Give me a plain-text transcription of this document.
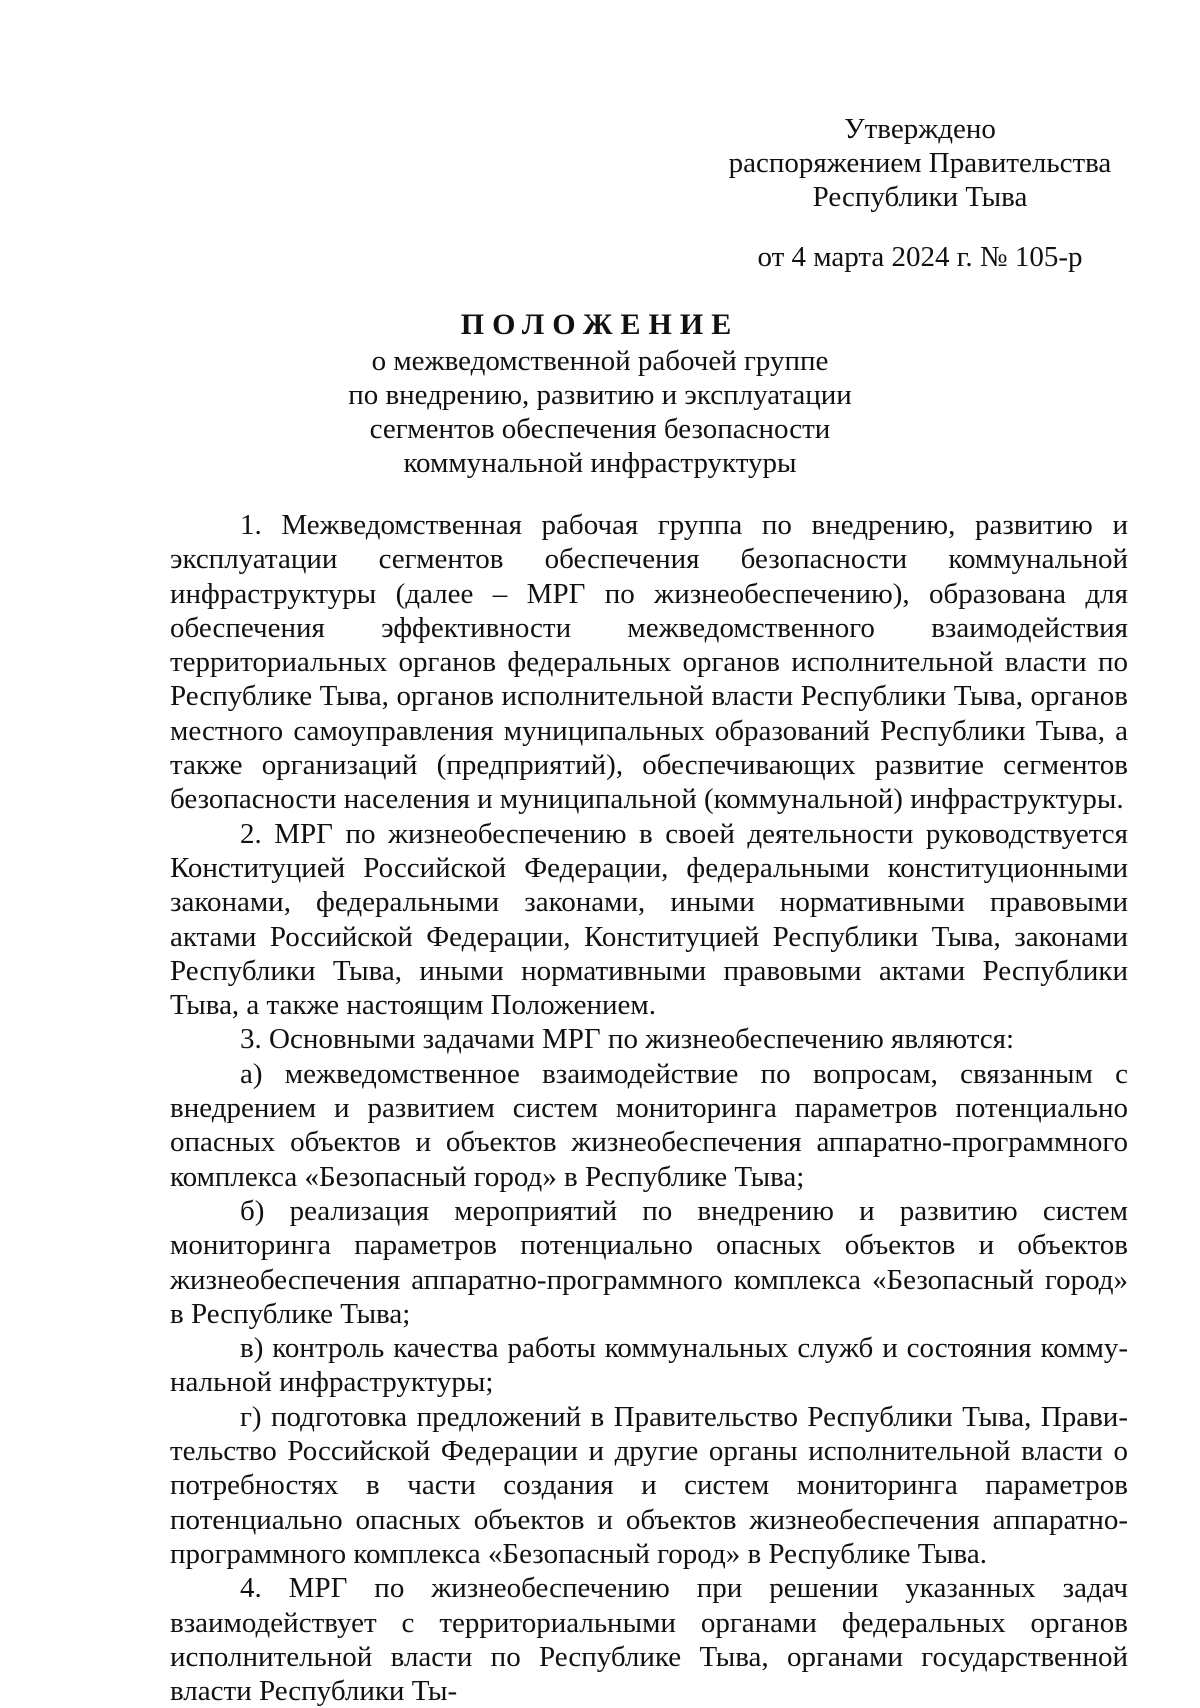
Утверждено
распоряжением Правительства
Республики Тыва
от 4 марта 2024 г. № 105-р
ПОЛОЖЕНИЕ
о межведомственной рабочей группе
по внедрению, развитию и эксплуатации
сегментов обеспечения безопасности
коммунальной инфраструктуры

1. Межведомственная рабочая группа по внедрению, развитию и эксплуатации сегментов обеспечения безопасности коммунальной инфраструктуры (далее – МРГ по жизнеобеспечению), образована для обеспечения эффективности межведомственного взаимодействия территориальных органов федеральных органов исполнительной власти по Республике Тыва, органов исполнительной власти Республики Тыва, органов местного самоуправления муниципальных образований Республики Тыва, а также организаций (предприятий), обеспечивающих развитие сегментов безопасности населения и муниципальной (коммунальной) инфраструктуры.

2. МРГ по жизнеобеспечению в своей деятельности руководствуется Конституцией Российской Федерации, федеральными конституционными законами, федеральными законами, иными нормативными правовыми актами Российской Федерации, Конституцией Республики Тыва, законами Республики Тыва, иными нормативными правовыми актами Республики Тыва, а также настоящим Положением.

3. Основными задачами МРГ по жизнеобеспечению являются:

а) межведомственное взаимодействие по вопросам, связанным с внедрением и развитием систем мониторинга параметров потенциально опасных объектов и объектов жизнеобеспечения аппаратно-программного комплекса «Безопасный город» в Республике Тыва;

б) реализация мероприятий по внедрению и развитию систем мониторинга параметров потенциально опасных объектов и объектов жизнеобеспечения аппаратно-программного комплекса «Безопасный город» в Республике Тыва;

в) контроль качества работы коммунальных служб и состояния коммунальной инфраструктуры;

г) подготовка предложений в Правительство Республики Тыва, Правительство Российской Федерации и другие органы исполнительной власти о потребностях в части создания и систем мониторинга параметров потенциально опасных объектов и объектов жизнеобеспечения аппаратно-программного комплекса «Безопасный город» в Республике Тыва.

4. МРГ по жизнеобеспечению при решении указанных задач взаимодействует с территориальными органами федеральных органов исполнительной власти по Республике Тыва, органами государственной власти Республики Ты-
